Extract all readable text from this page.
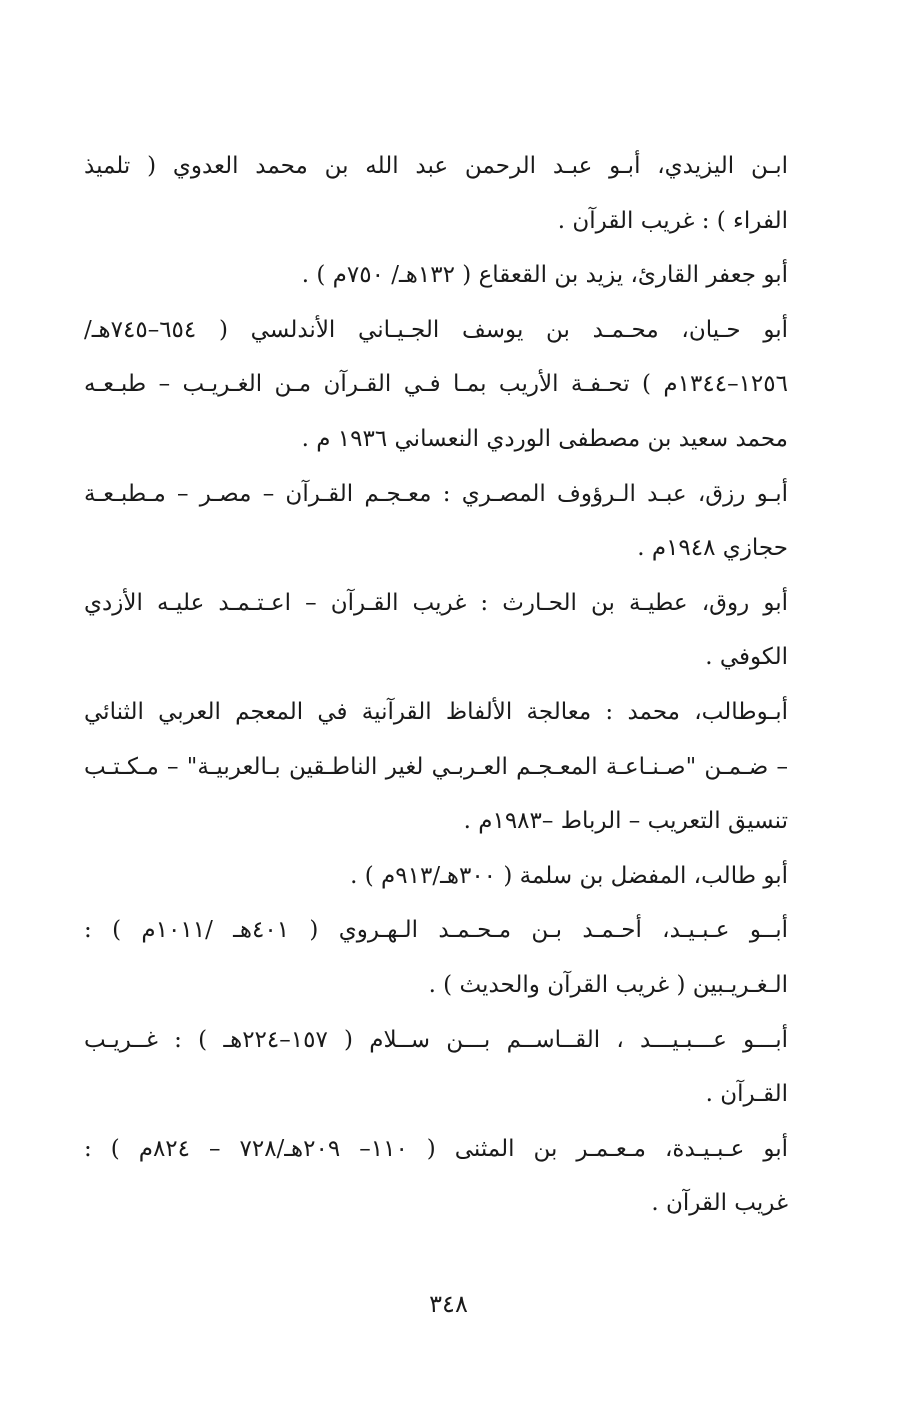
ابـن اليزيدي، أبـو عبـد الرحمن عبد الله بن محمد العدوي ( تلميذ
الفراء ) : غريب القرآن .
أبو جعفر القارئ، يزيد بن القعقاع ( ١٣٢هـ/ ٧٥٠م ) .
أبو حـيان، محـمـد بن يوسف الجـيـاني الأندلسي ( ٦٥٤–٧٤٥هـ/
١٢٥٦–١٣٤٤م ) تحـفـة الأريب بمـا فـي القـرآن مـن الغـريـب – طبـعـه
محمد سعيد بن مصطفى الوردي النعساني ١٩٣٦ م .
أبـو رزق، عبـد الـرؤوف المصـري : معـجـم القـرآن – مصـر – مـطبـعـة
حجازي ١٩٤٨م .
أبو روق، عطيـة بن الحـارث : غريب القـرآن – اعـتـمـد عليـه الأزدي
الكوفي .
أبـوطالب، محمد : معالجة الألفاظ القرآنية في المعجم العربي الثنائي
– ضـمـن "صـنـاعـة المعـجـم العـربـي لغير الناطـقين بـالعربيـة" – مـكـتـب
تنسيق التعريب – الرباط –١٩٨٣م .
أبو طالب، المفضل بن سلمة ( ٣٠٠هـ/٩١٣م ) .
أبــو عـبـيـد، أحـمـد بـن مـحـمـد الـهـروي ( ٤٠١هـ /١٠١١م ) :
الـغـريـبين ( غريب القرآن والحديث ) .
أبـــو عـــبـيـــد ، القــاســم بـــن ســلام ( ١٥٧–٢٢٤هـ ) : غــريـب
القـرآن .
أبو عـبـيـدة، مـعـمـر بن المثنى ( ١١٠– ٢٠٩هـ/٧٢٨ – ٨٢٤م ) :
غريب القرآن .
٣٤٨
